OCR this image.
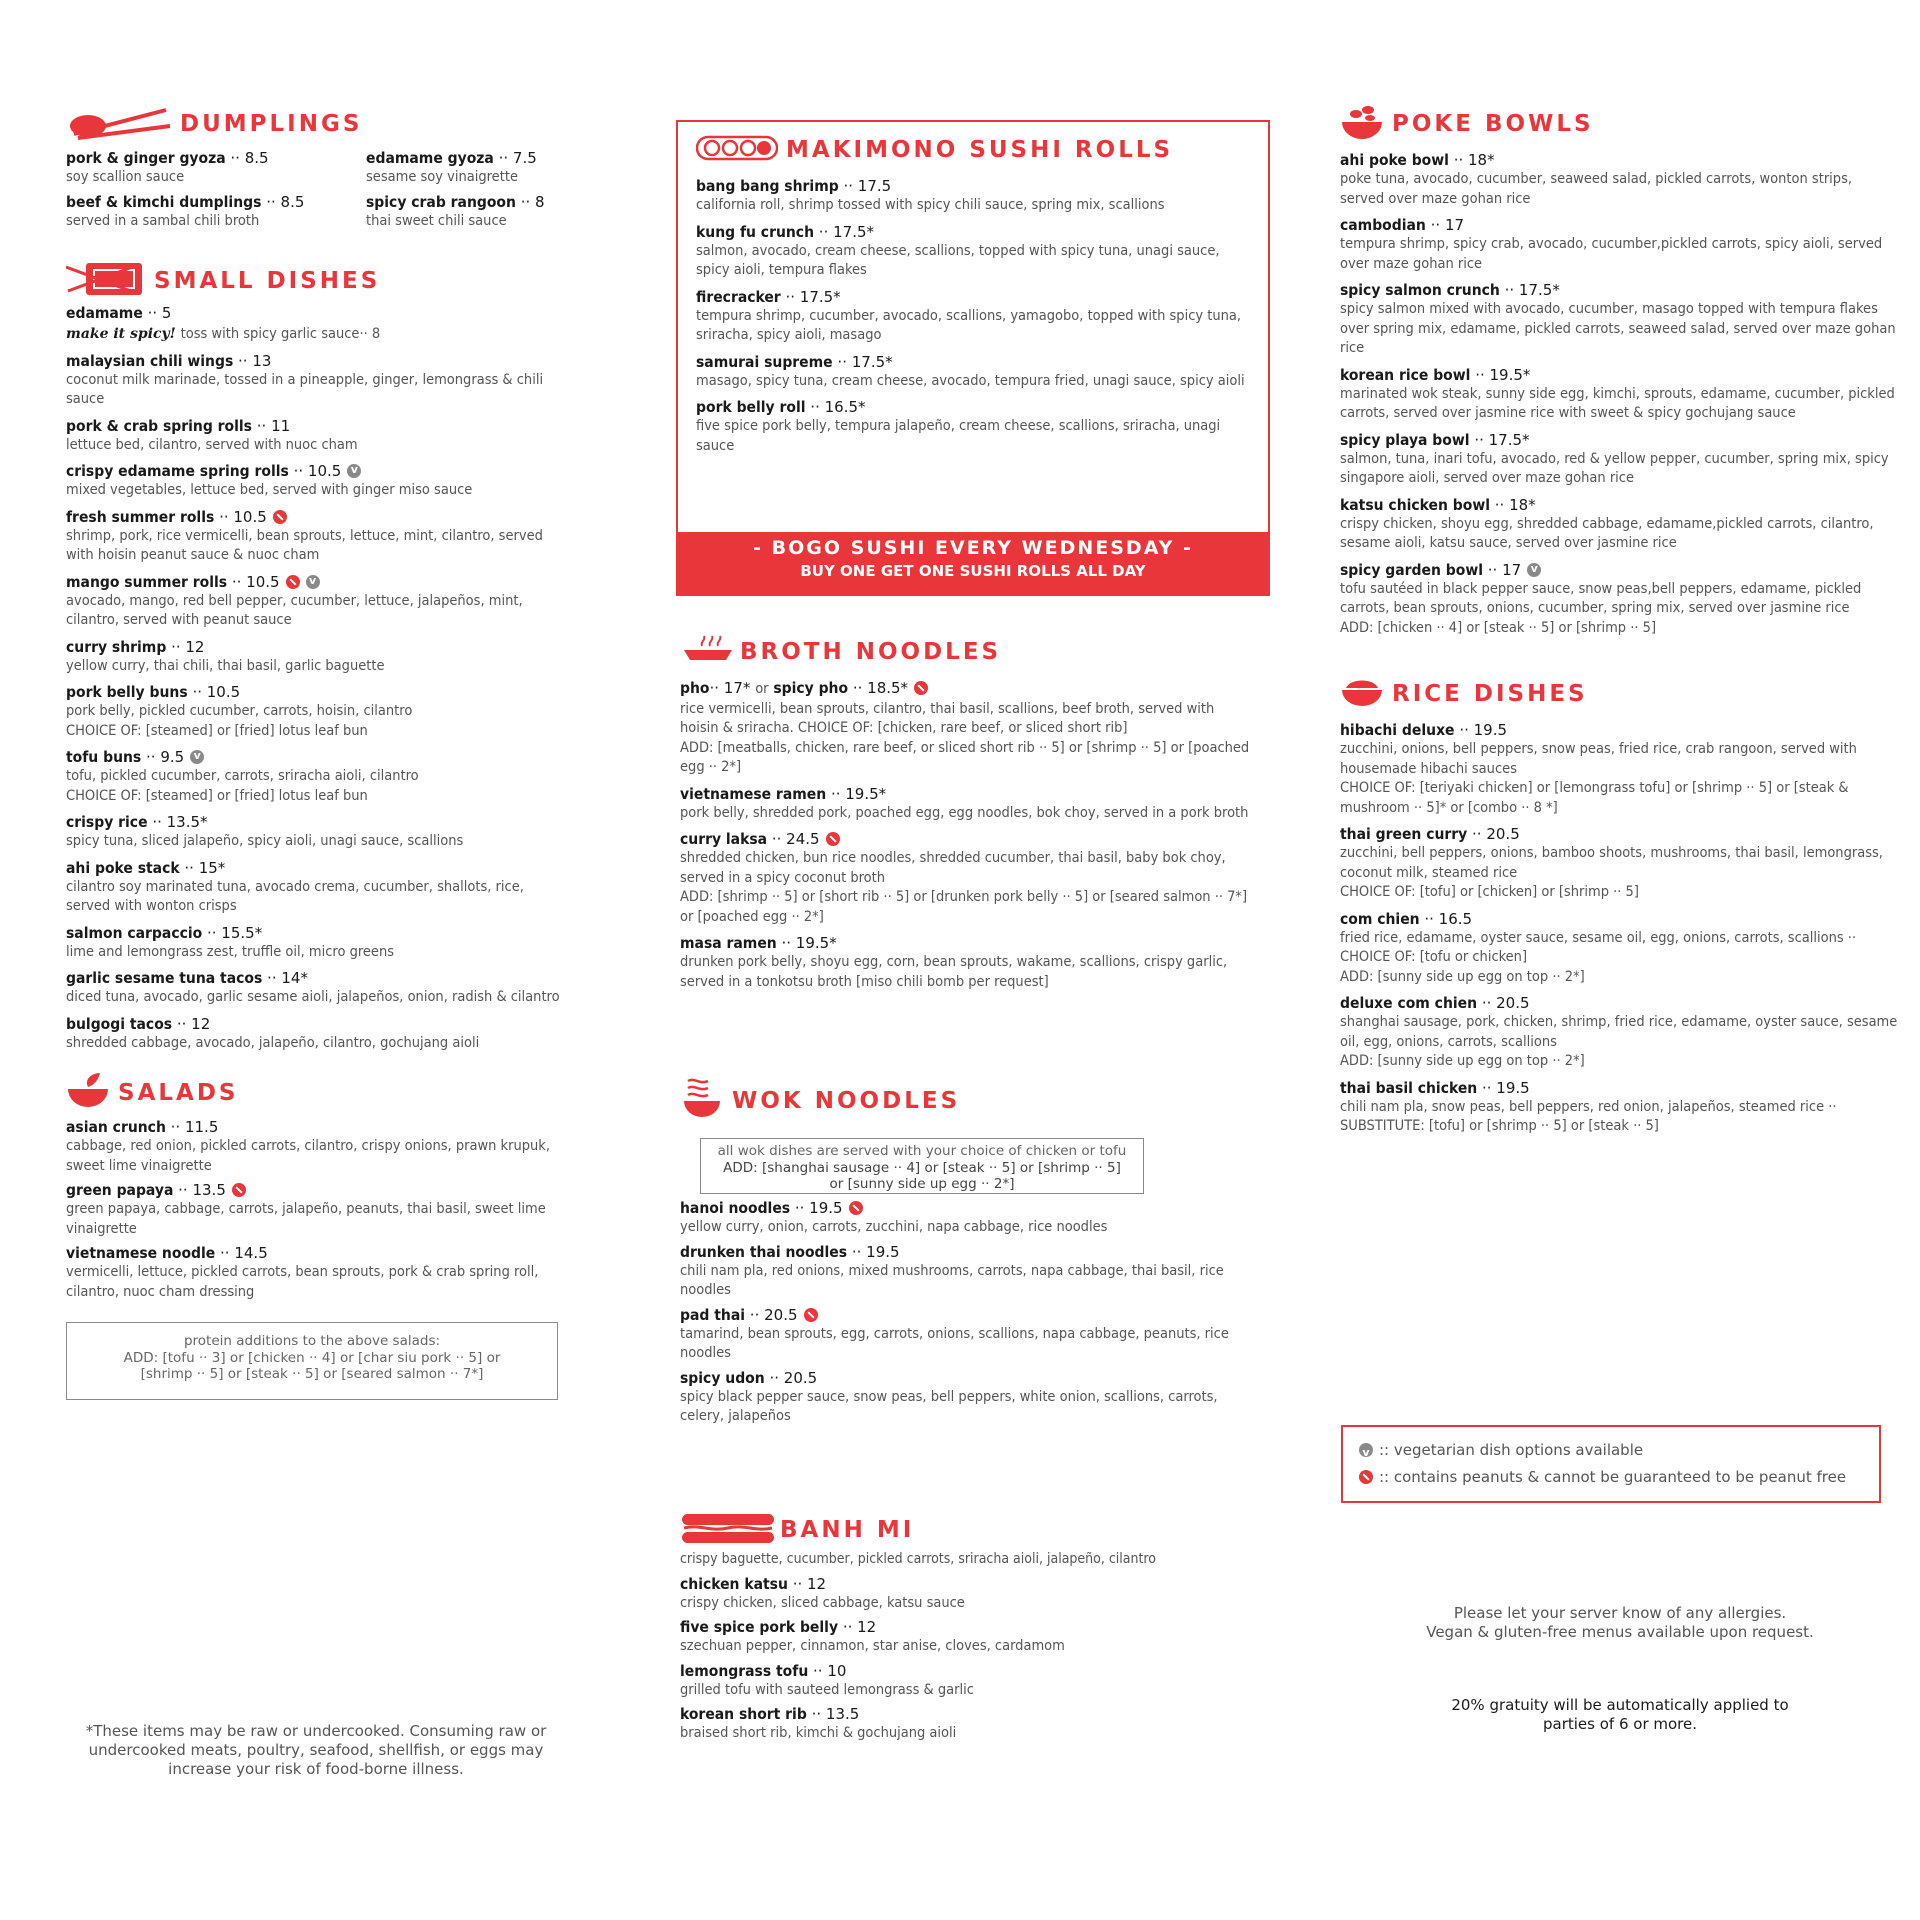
DUMPLINGS
pork & ginger gyoza ·· 8.5
soy scallion sauce
beef & kimchi dumplings ·· 8.5
served in a sambal chili broth
edamame gyoza ·· 7.5
sesame soy vinaigrette
spicy crab rangoon ·· 8
thai sweet chili sauce
SMALL DISHES
edamame ·· 5
make it spicy! toss with spicy garlic sauce·· 8
malaysian chili wings ·· 13
coconut milk marinade, tossed in a pineapple, ginger, lemongrass & chili sauce
pork & crab spring rolls ·· 11
lettuce bed, cilantro, served with nuoc cham
crispy edamame spring rolls ·· 10.5v
mixed vegetables, lettuce bed, served with ginger miso sauce
fresh summer rolls ·· 10.5
shrimp, pork, rice vermicelli, bean sprouts, lettuce, mint, cilantro, served with hoisin peanut sauce & nuoc cham
mango summer rolls ·· 10.5v
avocado, mango, red bell pepper, cucumber, lettuce, jalapeños, mint, cilantro, served with peanut sauce
curry shrimp ·· 12
yellow curry, thai chili, thai basil, garlic baguette
pork belly buns ·· 10.5
pork belly, pickled cucumber, carrots, hoisin, cilantro
CHOICE OF: [steamed] or [fried] lotus leaf bun
tofu buns ·· 9.5v
tofu, pickled cucumber, carrots, sriracha aioli, cilantro
CHOICE OF: [steamed] or [fried] lotus leaf bun
crispy rice ·· 13.5*
spicy tuna, sliced jalapeño, spicy aioli, unagi sauce, scallions
ahi poke stack ·· 15*
cilantro soy marinated tuna, avocado crema, cucumber, shallots, rice, served with wonton crisps
salmon carpaccio ·· 15.5*
lime and lemongrass zest, truffle oil, micro greens
garlic sesame tuna tacos ·· 14*
diced tuna, avocado, garlic sesame aioli, jalapeños, onion, radish & cilantro
bulgogi tacos ·· 12
shredded cabbage, avocado, jalapeño, cilantro, gochujang aioli
SALADS
asian crunch ·· 11.5
cabbage, red onion, pickled carrots, cilantro, crispy onions, prawn krupuk, sweet lime vinaigrette
green papaya ·· 13.5
green papaya, cabbage, carrots, jalapeño, peanuts, thai basil, sweet lime vinaigrette
vietnamese noodle ·· 14.5
vermicelli, lettuce, pickled carrots, bean sprouts, pork & crab spring roll, cilantro, nuoc cham dressing
protein additions to the above salads:
ADD: [tofu ·· 3] or [chicken ·· 4] or [char siu pork ·· 5] or
[shrimp ·· 5] or [steak ·· 5] or [seared salmon ·· 7*]
*These items may be raw or undercooked. Consuming raw or undercooked meats, poultry, seafood, shellfish, or eggs may increase your risk of food-borne illness.
MAKIMONO SUSHI ROLLS
bang bang shrimp ·· 17.5
california roll, shrimp tossed with spicy chili sauce, spring mix, scallions
kung fu crunch ·· 17.5*
salmon, avocado, cream cheese, scallions, topped with spicy tuna, unagi sauce, spicy aioli, tempura flakes
firecracker ·· 17.5*
tempura shrimp, cucumber, avocado, scallions, yamagobo, topped with spicy tuna, sriracha, spicy aioli, masago
samurai supreme ·· 17.5*
masago, spicy tuna, cream cheese, avocado, tempura fried, unagi sauce, spicy aioli
pork belly roll ·· 16.5*
five spice pork belly, tempura jalapeño, cream cheese, scallions, sriracha, unagi sauce
- BOGO SUSHI EVERY WEDNESDAY -
BUY ONE GET ONE SUSHI ROLLS ALL DAY
BROTH NOODLES
pho·· 17* or spicy pho ·· 18.5*
rice vermicelli, bean sprouts, cilantro, thai basil, scallions, beef broth, served with hoisin & sriracha. CHOICE OF: [chicken, rare beef, or sliced short rib]
ADD: [meatballs, chicken, rare beef, or sliced short rib ·· 5] or [shrimp ·· 5] or [poached egg ·· 2*]
vietnamese ramen ·· 19.5*
pork belly, shredded pork, poached egg, egg noodles, bok choy, served in a pork broth
curry laksa ·· 24.5
shredded chicken, bun rice noodles, shredded cucumber, thai basil, baby bok choy, served in a spicy coconut broth
ADD: [shrimp ·· 5] or [short rib ·· 5] or [drunken pork belly ·· 5] or [seared salmon ·· 7*] or [poached egg ·· 2*]
masa ramen ·· 19.5*
drunken pork belly, shoyu egg, corn, bean sprouts, wakame, scallions, crispy garlic, served in a tonkotsu broth [miso chili bomb per request]
WOK NOODLES
all wok dishes are served with your choice of chicken or tofu
ADD: [shanghai sausage ·· 4] or [steak ·· 5] or [shrimp ·· 5]
or [sunny side up egg ·· 2*]
hanoi noodles ·· 19.5
yellow curry, onion, carrots, zucchini, napa cabbage, rice noodles
drunken thai noodles ·· 19.5
chili nam pla, red onions, mixed mushrooms, carrots, napa cabbage, thai basil, rice noodles
pad thai ·· 20.5
tamarind, bean sprouts, egg, carrots, onions, scallions, napa cabbage, peanuts, rice noodles
spicy udon ·· 20.5
spicy black pepper sauce, snow peas, bell peppers, white onion, scallions, carrots, celery, jalapeños
BANH MI
crispy baguette, cucumber, pickled carrots, sriracha aioli, jalapeño, cilantro
chicken katsu ·· 12
crispy chicken, sliced cabbage, katsu sauce
five spice pork belly ·· 12
szechuan pepper, cinnamon, star anise, cloves, cardamom
lemongrass tofu ·· 10
grilled tofu with sauteed lemongrass & garlic
korean short rib ·· 13.5
braised short rib, kimchi & gochujang aioli
POKE BOWLS
ahi poke bowl ·· 18*
poke tuna, avocado, cucumber, seaweed salad, pickled carrots, wonton strips, served over maze gohan rice
cambodian ·· 17
tempura shrimp, spicy crab, avocado, cucumber,pickled carrots, spicy aioli, served over maze gohan rice
spicy salmon crunch ·· 17.5*
spicy salmon mixed with avocado, cucumber, masago topped with tempura flakes over spring mix, edamame, pickled carrots, seaweed salad, served over maze gohan rice
korean rice bowl ·· 19.5*
marinated wok steak, sunny side egg, kimchi, sprouts, edamame, cucumber, pickled carrots, served over jasmine rice with sweet & spicy gochujang sauce
spicy playa bowl ·· 17.5*
salmon, tuna, inari tofu, avocado, red & yellow pepper, cucumber, spring mix, spicy singapore aioli, served over maze gohan rice
katsu chicken bowl ·· 18*
crispy chicken, shoyu egg, shredded cabbage, edamame,pickled carrots, cilantro, sesame aioli, katsu sauce, served over jasmine rice
spicy garden bowl ·· 17v
tofu sautéed in black pepper sauce, snow peas,bell peppers, edamame, pickled carrots, bean sprouts, onions, cucumber, spring mix, served over jasmine rice
ADD: [chicken ·· 4] or [steak ·· 5] or [shrimp ·· 5]
RICE DISHES
hibachi deluxe ·· 19.5
zucchini, onions, bell peppers, snow peas, fried rice, crab rangoon, served with housemade hibachi sauces
CHOICE OF: [teriyaki chicken] or [lemongrass tofu] or [shrimp ·· 5] or [steak & mushroom ·· 5]* or [combo ·· 8 *]
thai green curry ·· 20.5
zucchini, bell peppers, onions, bamboo shoots, mushrooms, thai basil, lemongrass, coconut milk, steamed rice
CHOICE OF: [tofu] or [chicken] or [shrimp ·· 5]
com chien ·· 16.5
fried rice, edamame, oyster sauce, sesame oil, egg, onions, carrots, scallions ·· CHOICE OF: [tofu or chicken]
ADD: [sunny side up egg on top ·· 2*]
deluxe com chien ·· 20.5
shanghai sausage, pork, chicken, shrimp, fried rice, edamame, oyster sauce, sesame oil, egg, onions, carrots, scallions
ADD: [sunny side up egg on top ·· 2*]
thai basil chicken ·· 19.5
chili nam pla, snow peas, bell peppers, red onion, jalapeños, steamed rice ·· SUBSTITUTE: [tofu] or [shrimp ·· 5] or [steak ·· 5]
v:: vegetarian dish options available
:: contains peanuts & cannot be guaranteed to be peanut free
Please let your server know of any allergies.
Vegan & gluten-free menus available upon request.
20% gratuity will be automatically applied to
parties of 6 or more.
